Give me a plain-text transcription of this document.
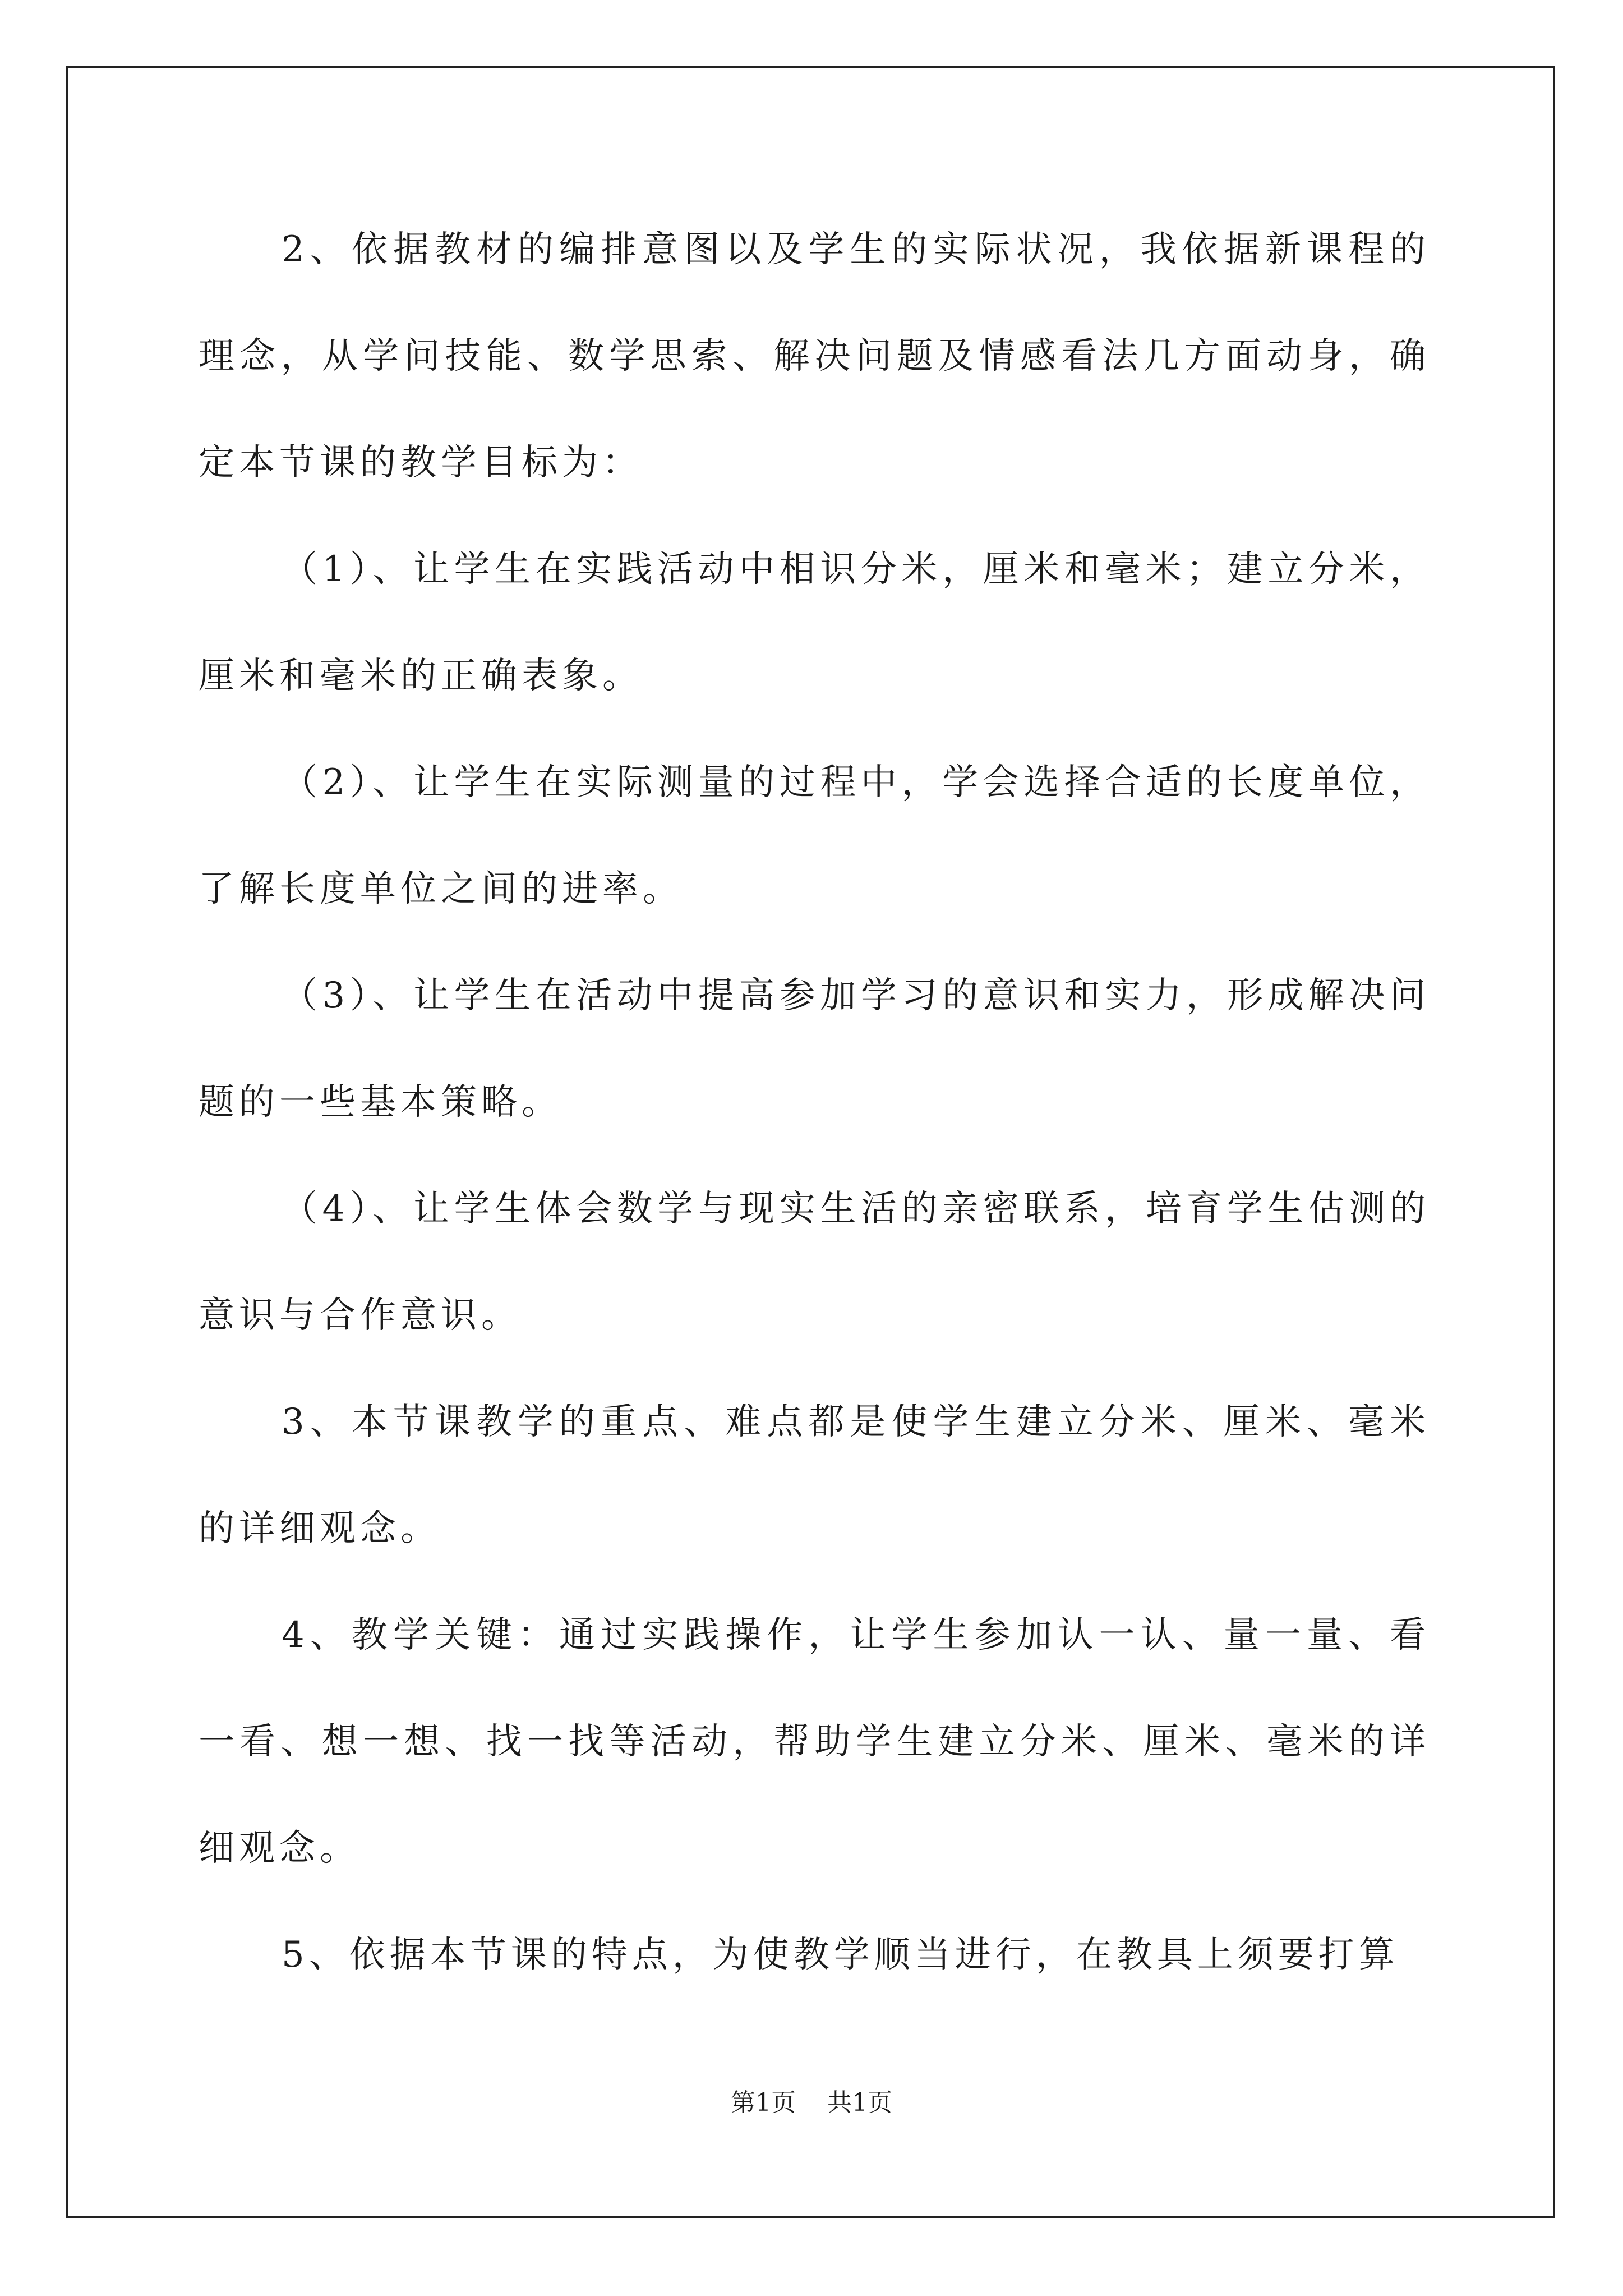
2、依据教材的编排意图以及学生的实际状况，我依据新课程的理念，从学问技能、数学思索、解决问题及情感看法几方面动身，确定本节课的教学目标为：

（1）、让学生在实践活动中相识分米，厘米和毫米；建立分米，厘米和毫米的正确表象。

（2）、让学生在实际测量的过程中，学会选择合适的长度单位，了解长度单位之间的进率。

（3）、让学生在活动中提高参加学习的意识和实力，形成解决问题的一些基本策略。

（4）、让学生体会数学与现实生活的亲密联系，培育学生估测的意识与合作意识。

3、本节课教学的重点、难点都是使学生建立分米、厘米、毫米的详细观念。

4、教学关键：通过实践操作，让学生参加认一认、量一量、看一看、想一想、找一找等活动，帮助学生建立分米、厘米、毫米的详细观念。

5、依据本节课的特点，为使教学顺当进行，在教具上须要打算

第1页 共1页
